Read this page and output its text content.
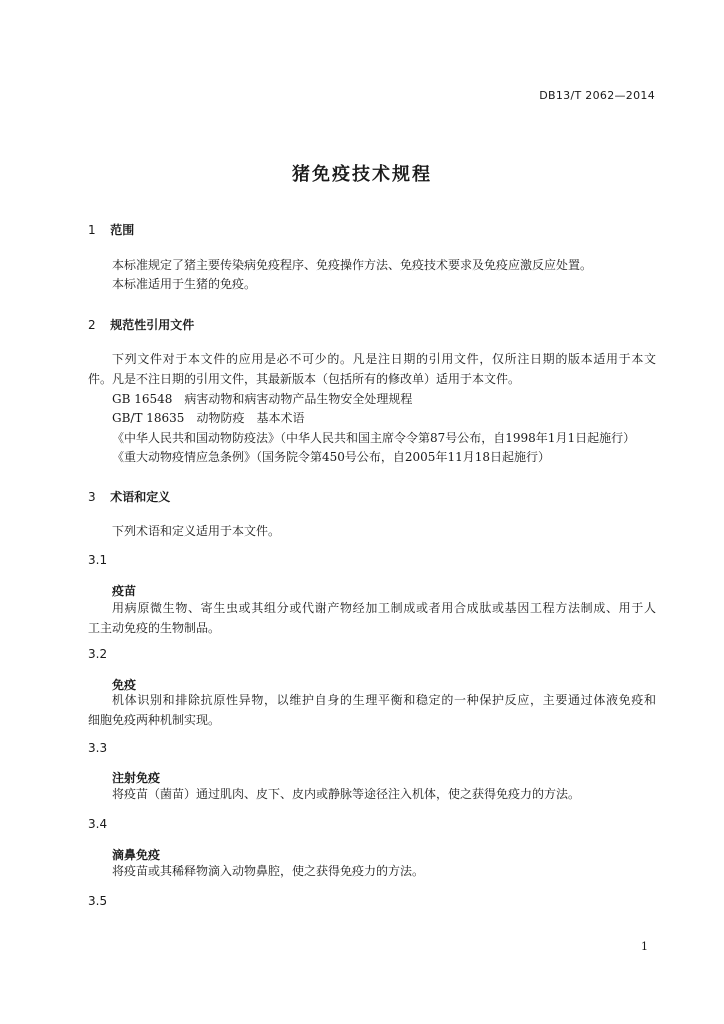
DB13/T 2062—2014
猪免疫技术规程
1 范围
本标准规定了猪主要传染病免疫程序、免疫操作方法、免疫技术要求及免疫应激反应处置。
本标准适用于生猪的免疫。
2 规范性引用文件
下列文件对于本文件的应用是必不可少的。凡是注日期的引用文件，仅所注日期的版本适用于本文
件。凡是不注日期的引用文件，其最新版本（包括所有的修改单）适用于本文件。
GB 16548　病害动物和病害动物产品生物安全处理规程
GB/T 18635　动物防疫　基本术语
《中华人民共和国动物防疫法》（中华人民共和国主席令令第87号公布，自1998年1月1日起施行）
《重大动物疫情应急条例》（国务院令第450号公布，自2005年11月18日起施行）
3 术语和定义
下列术语和定义适用于本文件。
3.1
疫苗
用病原微生物、寄生虫或其组分或代谢产物经加工制成或者用合成肽或基因工程方法制成、用于人
工主动免疫的生物制品。
3.2
免疫
机体识别和排除抗原性异物，以维护自身的生理平衡和稳定的一种保护反应，主要通过体液免疫和
细胞免疫两种机制实现。
3.3
注射免疫
将疫苗（菌苗）通过肌肉、皮下、皮内或静脉等途径注入机体，使之获得免疫力的方法。
3.4
滴鼻免疫
将疫苗或其稀释物滴入动物鼻腔，使之获得免疫力的方法。
3.5
1
